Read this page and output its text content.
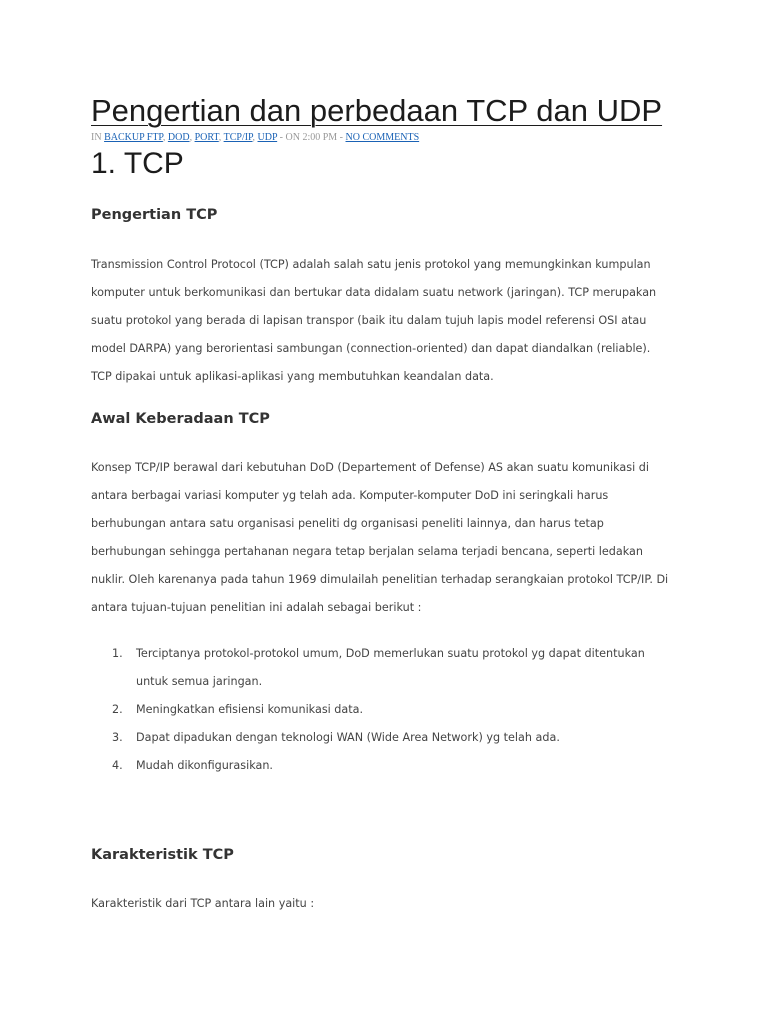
Pengertian dan perbedaan TCP dan UDP
IN BACKUP FTP, DOD, PORT, TCP/IP, UDP - ON 2:00 PM - NO COMMENTS
1. TCP
Pengertian TCP
Transmission Control Protocol (TCP) adalah salah satu jenis protokol yang memungkinkan kumpulan
komputer untuk berkomunikasi dan bertukar data didalam suatu network (jaringan). TCP merupakan
suatu protokol yang berada di lapisan transpor (baik itu dalam tujuh lapis model referensi OSI atau
model DARPA) yang berorientasi sambungan (connection-oriented) dan dapat diandalkan (reliable).
TCP dipakai untuk aplikasi-aplikasi yang membutuhkan keandalan data.
Awal Keberadaan TCP
Konsep TCP/IP berawal dari kebutuhan DoD (Departement of Defense) AS akan suatu komunikasi di
antara berbagai variasi komputer yg telah ada. Komputer-komputer DoD ini seringkali harus
berhubungan antara satu organisasi peneliti dg organisasi peneliti lainnya, dan harus tetap
berhubungan sehingga pertahanan negara tetap berjalan selama terjadi bencana, seperti ledakan
nuklir. Oleh karenanya pada tahun 1969 dimulailah penelitian terhadap serangkaian protokol TCP/IP. Di
antara tujuan-tujuan penelitian ini adalah sebagai berikut :
1. Terciptanya protokol-protokol umum, DoD memerlukan suatu protokol yg dapat ditentukan
untuk semua jaringan.
2. Meningkatkan efisiensi komunikasi data.
3. Dapat dipadukan dengan teknologi WAN (Wide Area Network) yg telah ada.
4. Mudah dikonfigurasikan.
Karakteristik TCP
Karakteristik dari TCP antara lain yaitu :
